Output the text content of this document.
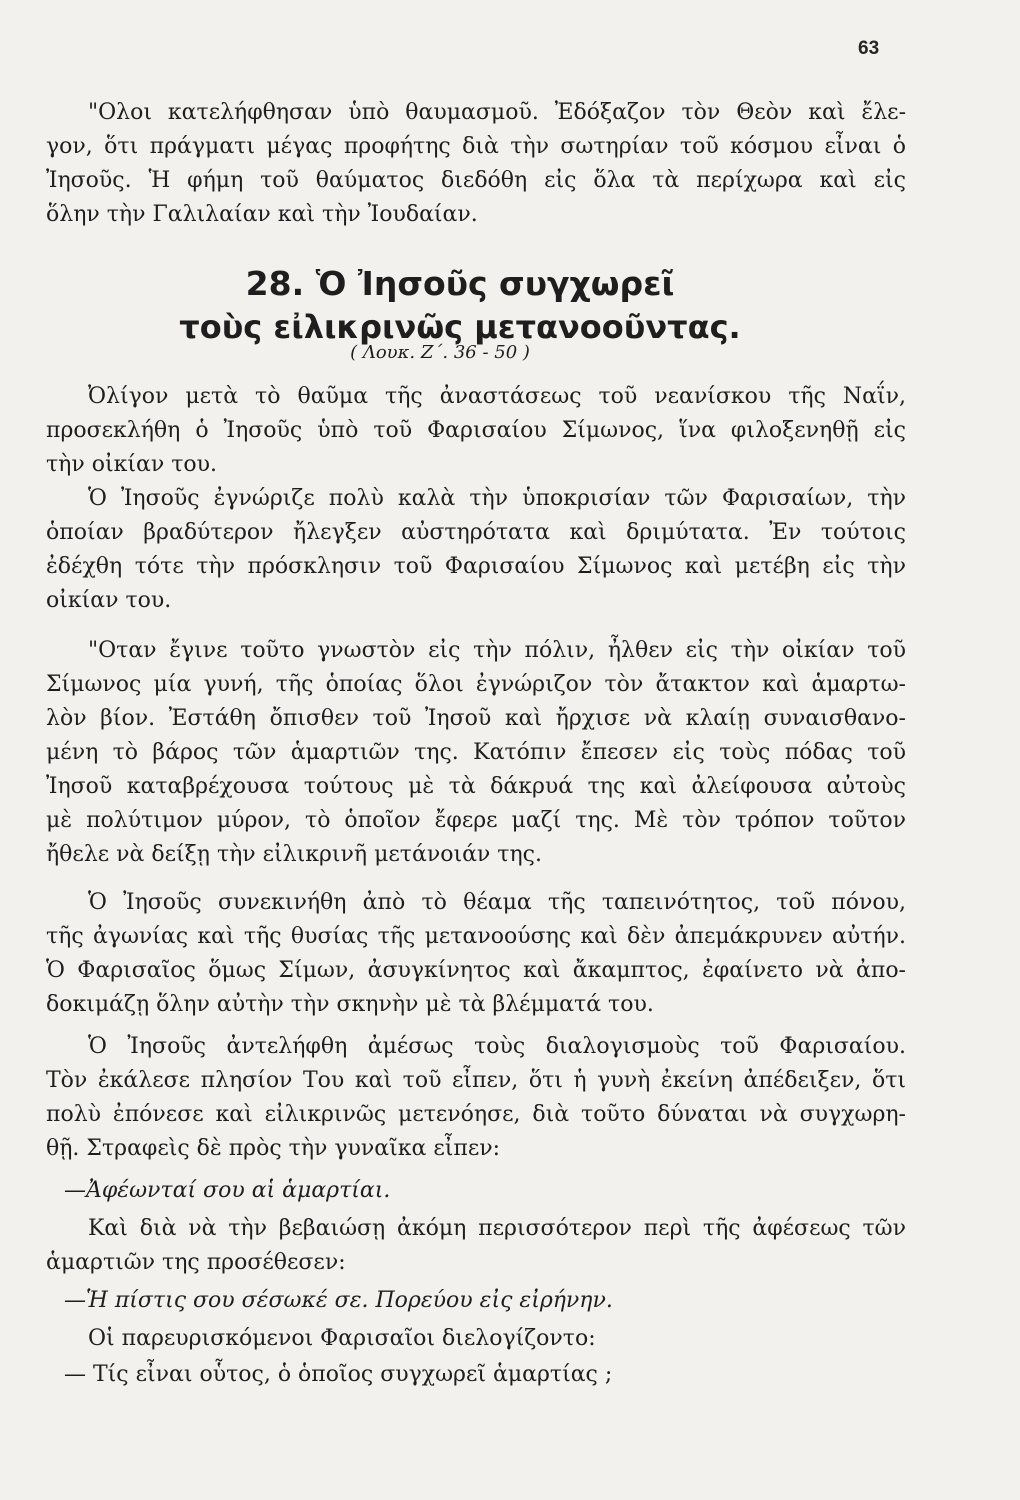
63
"Ολοι κατελήφθησαν ὑπὸ θαυμασμοῦ. Ἐδόξαζον τὸν Θεὸν καὶ ἔλε-
γον, ὅτι πράγματι μέγας προφήτης διὰ τὴν σωτηρίαν τοῦ κόσμου εἶναι ὁ
Ἰησοῦς. Ἡ φήμη τοῦ θαύματος διεδόθη εἰς ὅλα τὰ περίχωρα καὶ εἰς
ὅλην τὴν Γαλιλαίαν καὶ τὴν Ἰουδαίαν.
28. Ὁ Ἰησοῦς συγχωρεῖ
τοὺς εἰλικρινῶς μετανοοῦντας.
( Λουκ. Ζ΄. 36 - 50 )
Ὀλίγον μετὰ τὸ θαῦμα τῆς ἀναστάσεως τοῦ νεανίσκου τῆς Ναΐν,
προσεκλήθη ὁ Ἰησοῦς ὑπὸ τοῦ Φαρισαίου Σίμωνος, ἵνα φιλοξενηθῇ εἰς
τὴν οἰκίαν του.
Ὁ Ἰησοῦς ἐγνώριζε πολὺ καλὰ τὴν ὑποκρισίαν τῶν Φαρισαίων, τὴν
ὁποίαν βραδύτερον ἤλεγξεν αὐστηρότατα καὶ δριμύτατα. Ἐν τούτοις
ἐδέχθη τότε τὴν πρόσκλησιν τοῦ Φαρισαίου Σίμωνος καὶ μετέβη εἰς τὴν
οἰκίαν του.
"Οταν ἔγινε τοῦτο γνωστὸν εἰς τὴν πόλιν, ἦλθεν εἰς τὴν οἰκίαν τοῦ
Σίμωνος μία γυνή, τῆς ὁποίας ὅλοι ἐγνώριζον τὸν ἄτακτον καὶ ἁμαρτω-
λὸν βίον. Ἐστάθη ὄπισθεν τοῦ Ἰησοῦ καὶ ἤρχισε νὰ κλαίῃ συναισθανο-
μένη τὸ βάρος τῶν ἁμαρτιῶν της. Κατόπιν ἔπεσεν εἰς τοὺς πόδας τοῦ
Ἰησοῦ καταβρέχουσα τούτους μὲ τὰ δάκρυά της καὶ ἀλείφουσα αὐτοὺς
μὲ πολύτιμον μύρον, τὸ ὁποῖον ἔφερε μαζί της. Μὲ τὸν τρόπον τοῦτον
ἤθελε νὰ δείξῃ τὴν εἰλικρινῆ μετάνοιάν της.
Ὁ Ἰησοῦς συνεκινήθη ἀπὸ τὸ θέαμα τῆς ταπεινότητος, τοῦ πόνου,
τῆς ἀγωνίας καὶ τῆς θυσίας τῆς μετανοούσης καὶ δὲν ἀπεμάκρυνεν αὐτήν.
Ὁ Φαρισαῖος ὅμως Σίμων, ἀσυγκίνητος καὶ ἄκαμπτος, ἐφαίνετο νὰ ἀπο-
δοκιμάζῃ ὅλην αὐτὴν τὴν σκηνὴν μὲ τὰ βλέμματά του.
Ὁ Ἰησοῦς ἀντελήφθη ἀμέσως τοὺς διαλογισμοὺς τοῦ Φαρισαίου.
Τὸν ἐκάλεσε πλησίον Του καὶ τοῦ εἶπεν, ὅτι ἡ γυνὴ ἐκείνη ἀπέδειξεν, ὅτι
πολὺ ἐπόνεσε καὶ εἰλικρινῶς μετενόησε, διὰ τοῦτο δύναται νὰ συγχωρη-
θῇ. Στραφεὶς δὲ πρὸς τὴν γυναῖκα εἶπεν:
—Ἀφέωνταί σου αἱ ἁμαρτίαι.
Καὶ διὰ νὰ τὴν βεβαιώσῃ ἀκόμη περισσότερον περὶ τῆς ἀφέσεως τῶν
ἁμαρτιῶν της προσέθεσεν:
—Ἡ πίστις σου σέσωκέ σε. Πορεύου εἰς εἰρήνην.
Οἱ παρευρισκόμενοι Φαρισαῖοι διελογίζοντο:
— Τίς εἶναι οὗτος, ὁ ὁποῖος συγχωρεῖ ἁμαρτίας ;
